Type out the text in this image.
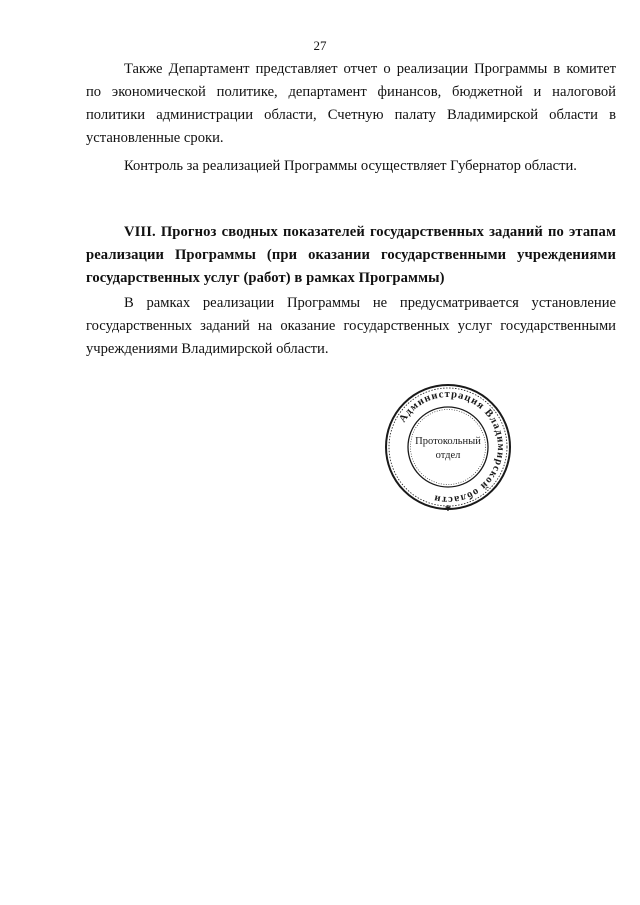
27

Также Департамент представляет отчет о реализации Программы в комитет
по экономической политике, департамент финансов, бюджетной и налоговой
политики администрации области, Счетную палату Владимирской области в
установленные сроки.

Контроль за реализацией Программы осуществляет Губернатор области.

VIII. Прогноз сводных показателей государственных заданий по этапам
реализации Программы (при оказании государственными учреждениями
государственных услуг (работ) в рамках Программы)

В рамках реализации Программы не предусматривается установление
государственных заданий на оказание государственных услуг государственными
учреждениями Владимирской области.

Администрация Владимирской области
✱
Протокольный
отдел
